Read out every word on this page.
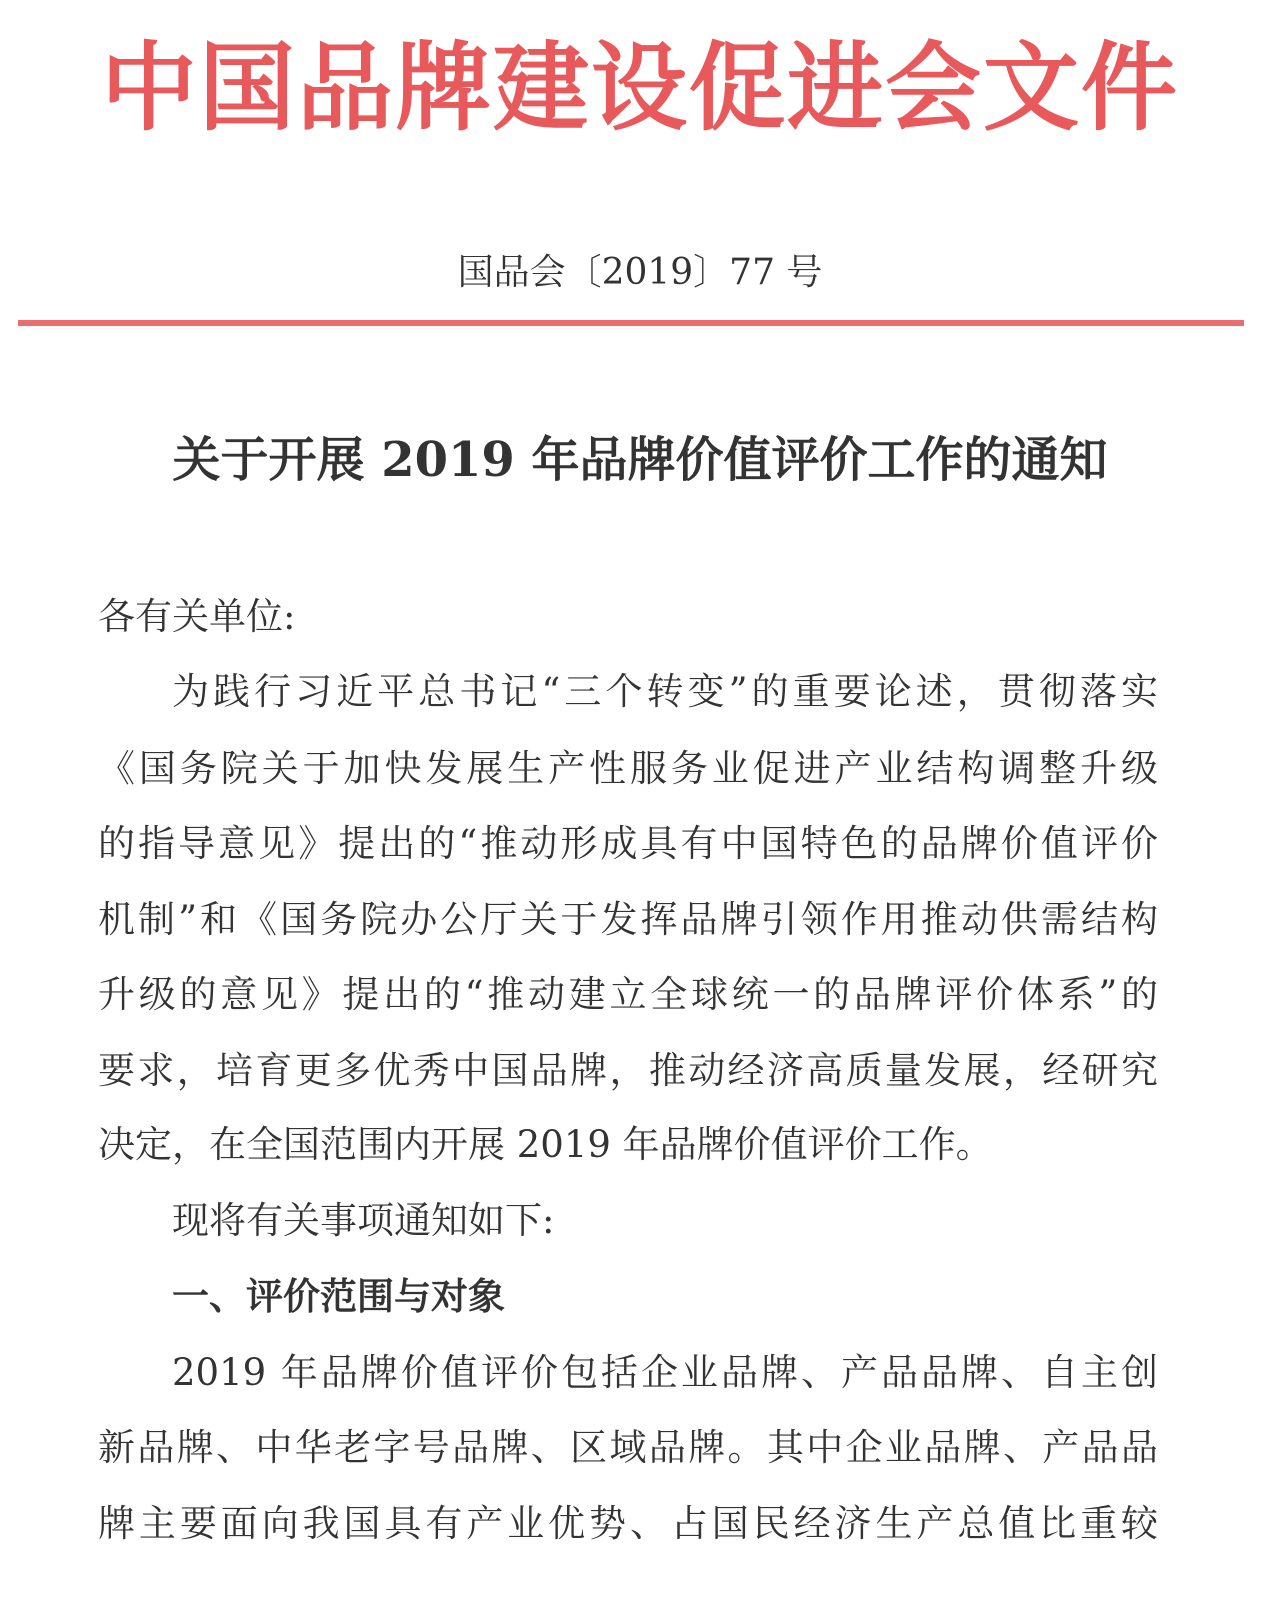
中国品牌建设促进会文件
国品会〔2019〕77 号
关于开展 2019 年品牌价值评价工作的通知
各有关单位:
为践行习近平总书记“三个转变”的重要论述，贯彻落实
《国务院关于加快发展生产性服务业促进产业结构调整升级
的指导意见》提出的“推动形成具有中国特色的品牌价值评价
机制”和《国务院办公厅关于发挥品牌引领作用推动供需结构
升级的意见》提出的“推动建立全球统一的品牌评价体系”的
要求，培育更多优秀中国品牌，推动经济高质量发展，经研究
决定，在全国范围内开展 2019 年品牌价值评价工作。
现将有关事项通知如下:
一、评价范围与对象
2019 年品牌价值评价包括企业品牌、产品品牌、自主创
新品牌、中华老字号品牌、区域品牌。其中企业品牌、产品品
牌主要面向我国具有产业优势、占国民经济生产总值比重较
